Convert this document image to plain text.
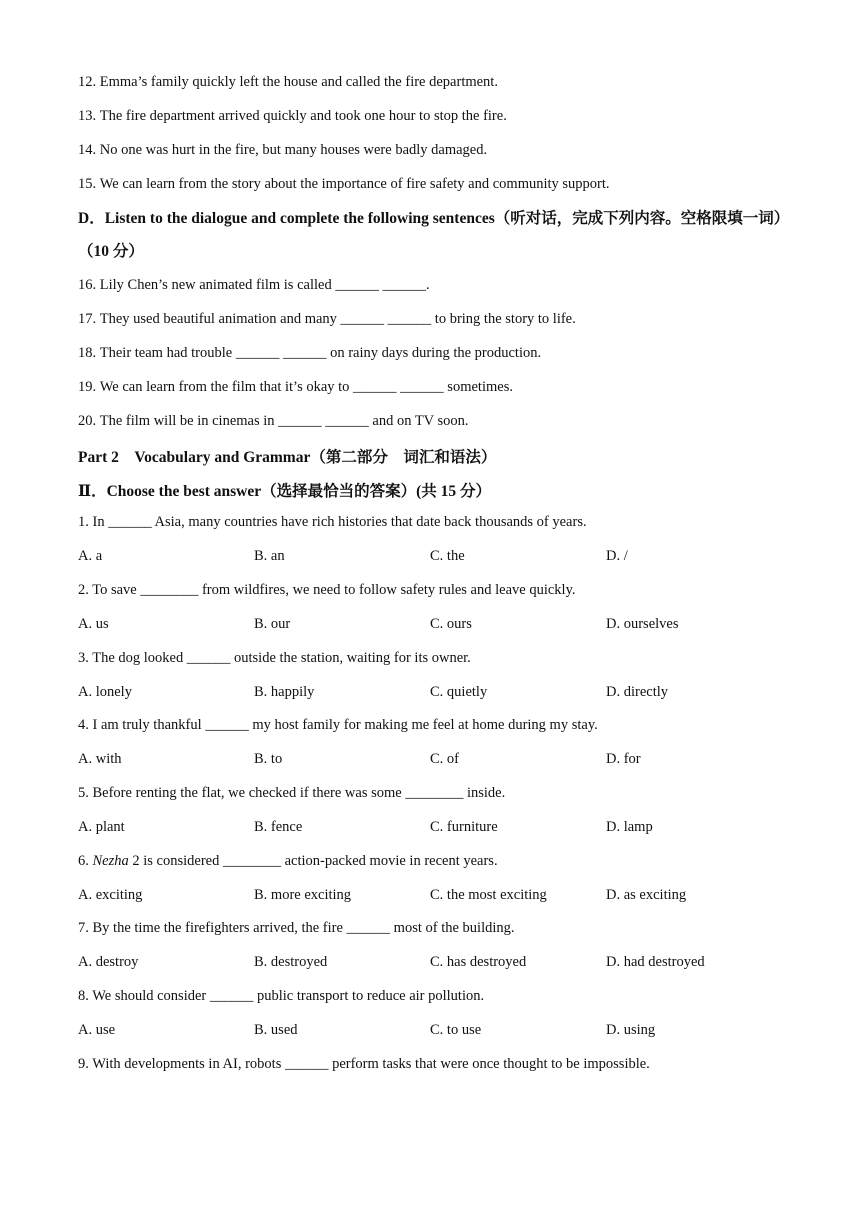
12. Emma’s family quickly left the house and called the fire department.
13. The fire department arrived quickly and took one hour to stop the fire.
14. No one was hurt in the fire, but many houses were badly damaged.
15. We can learn from the story about the importance of fire safety and community support.
D．Listen to the dialogue and complete the following sentences（听对话，完成下列内容。空格限填一词）（10 分）
16. Lily Chen’s new animated film is called ______ ______.
17. They used beautiful animation and many ______ ______ to bring the story to life.
18. Their team had trouble ______ ______ on rainy days during the production.
19. We can learn from the film that it’s okay to ______ ______ sometimes.
20. The film will be in cinemas in ______ ______ and on TV soon.
Part 2　Vocabulary and Grammar（第二部分　词汇和语法）
Ⅱ．Choose the best answer（选择最恰当的答案）(共 15 分）
1. In ______ Asia, many countries have rich histories that date back thousands of years.
A. a	B. an	C. the	D. /
2. To save ________ from wildfires, we need to follow safety rules and leave quickly.
A. us	B. our	C. ours	D. ourselves
3. The dog looked ______ outside the station, waiting for its owner.
A. lonely	B. happily	C. quietly	D. directly
4. I am truly thankful ______ my host family for making me feel at home during my stay.
A. with	B. to	C. of	D. for
5. Before renting the flat, we checked if there was some ________ inside.
A. plant	B. fence	C. furniture	D. lamp
6. Nezha 2 is considered ________ action-packed movie in recent years.
A. exciting	B. more exciting	C. the most exciting	D. as exciting
7. By the time the firefighters arrived, the fire ______ most of the building.
A. destroy	B. destroyed	C. has destroyed	D. had destroyed
8. We should consider ______ public transport to reduce air pollution.
A. use	B. used	C. to use	D. using
9. With developments in AI, robots ______ perform tasks that were once thought to be impossible.
